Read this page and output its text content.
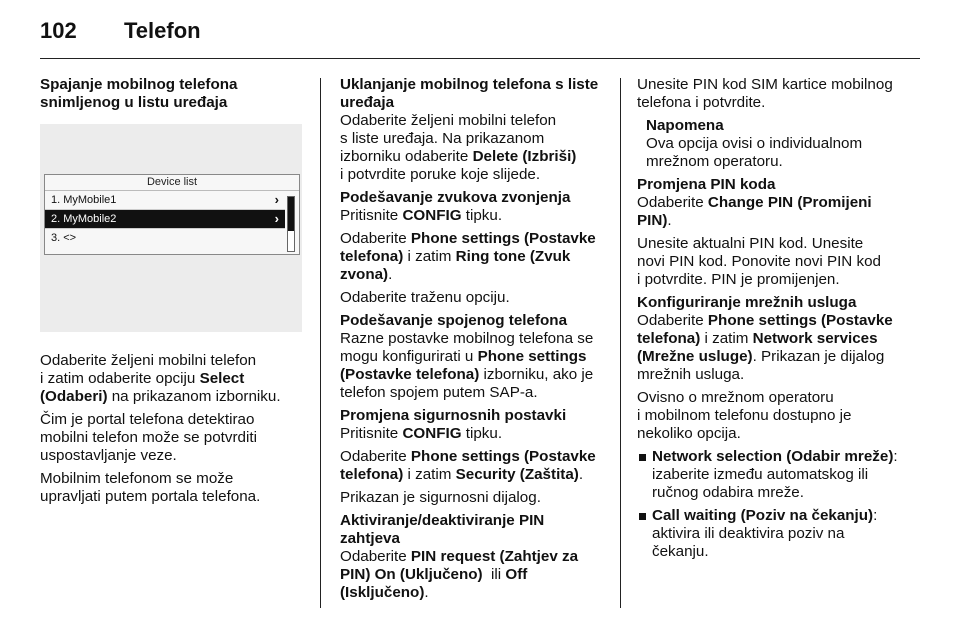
102 Telefon
Spajanje mobilnog telefona
snimljenog u listu uređaja
Device list
1. MyMobile1	›
2. MyMobile2	›
3. <>
Odaberite željeni mobilni telefon
i zatim odaberite opciju Select
(Odaberi) na prikazanom izborniku.
Čim je portal telefona detektirao
mobilni telefon može se potvrditi
uspostavljanje veze.
Mobilnim telefonom se može
upravljati putem portala telefona.
Uklanjanje mobilnog telefona s liste
uređaja
Odaberite željeni mobilni telefon
s liste uređaja. Na prikazanom
izborniku odaberite Delete (Izbriši)
i potvrdite poruke koje slijede.
Podešavanje zvukova zvonjenja
Pritisnite CONFIG tipku.
Odaberite Phone settings (Postavke
telefona) i zatim Ring tone (Zvuk
zvona).
Odaberite traženu opciju.
Podešavanje spojenog telefona
Razne postavke mobilnog telefona se
mogu konfigurirati u Phone settings
(Postavke telefona) izborniku, ako je
telefon spojem putem SAP-a.
Promjena sigurnosnih postavki
Pritisnite CONFIG tipku.
Odaberite Phone settings (Postavke
telefona) i zatim Security (Zaštita).
Prikazan je sigurnosni dijalog.
Aktiviranje/deaktiviranje PIN zahtjeva
Odaberite PIN request (Zahtjev za
PIN) On (Uključeno)  ili Off
(Isključeno).
Unesite PIN kod SIM kartice mobilnog
telefona i potvrdite.
Napomena
Ova opcija ovisi o individualnom
mrežnom operatoru.
Promjena PIN koda
Odaberite Change PIN (Promijeni
PIN).
Unesite aktualni PIN kod. Unesite
novi PIN kod. Ponovite novi PIN kod
i potvrdite. PIN je promijenjen.
Konfiguriranje mrežnih usluga
Odaberite Phone settings (Postavke
telefona) i zatim Network services
(Mrežne usluge). Prikazan je dijalog
mrežnih usluga.
Ovisno o mrežnom operatoru
i mobilnom telefonu dostupno je
nekoliko opcija.
Network selection (Odabir mreže):
izaberite između automatskog ili
ručnog odabira mreže.
Call waiting (Poziv na čekanju):
aktivira ili deaktivira poziv na
čekanju.
